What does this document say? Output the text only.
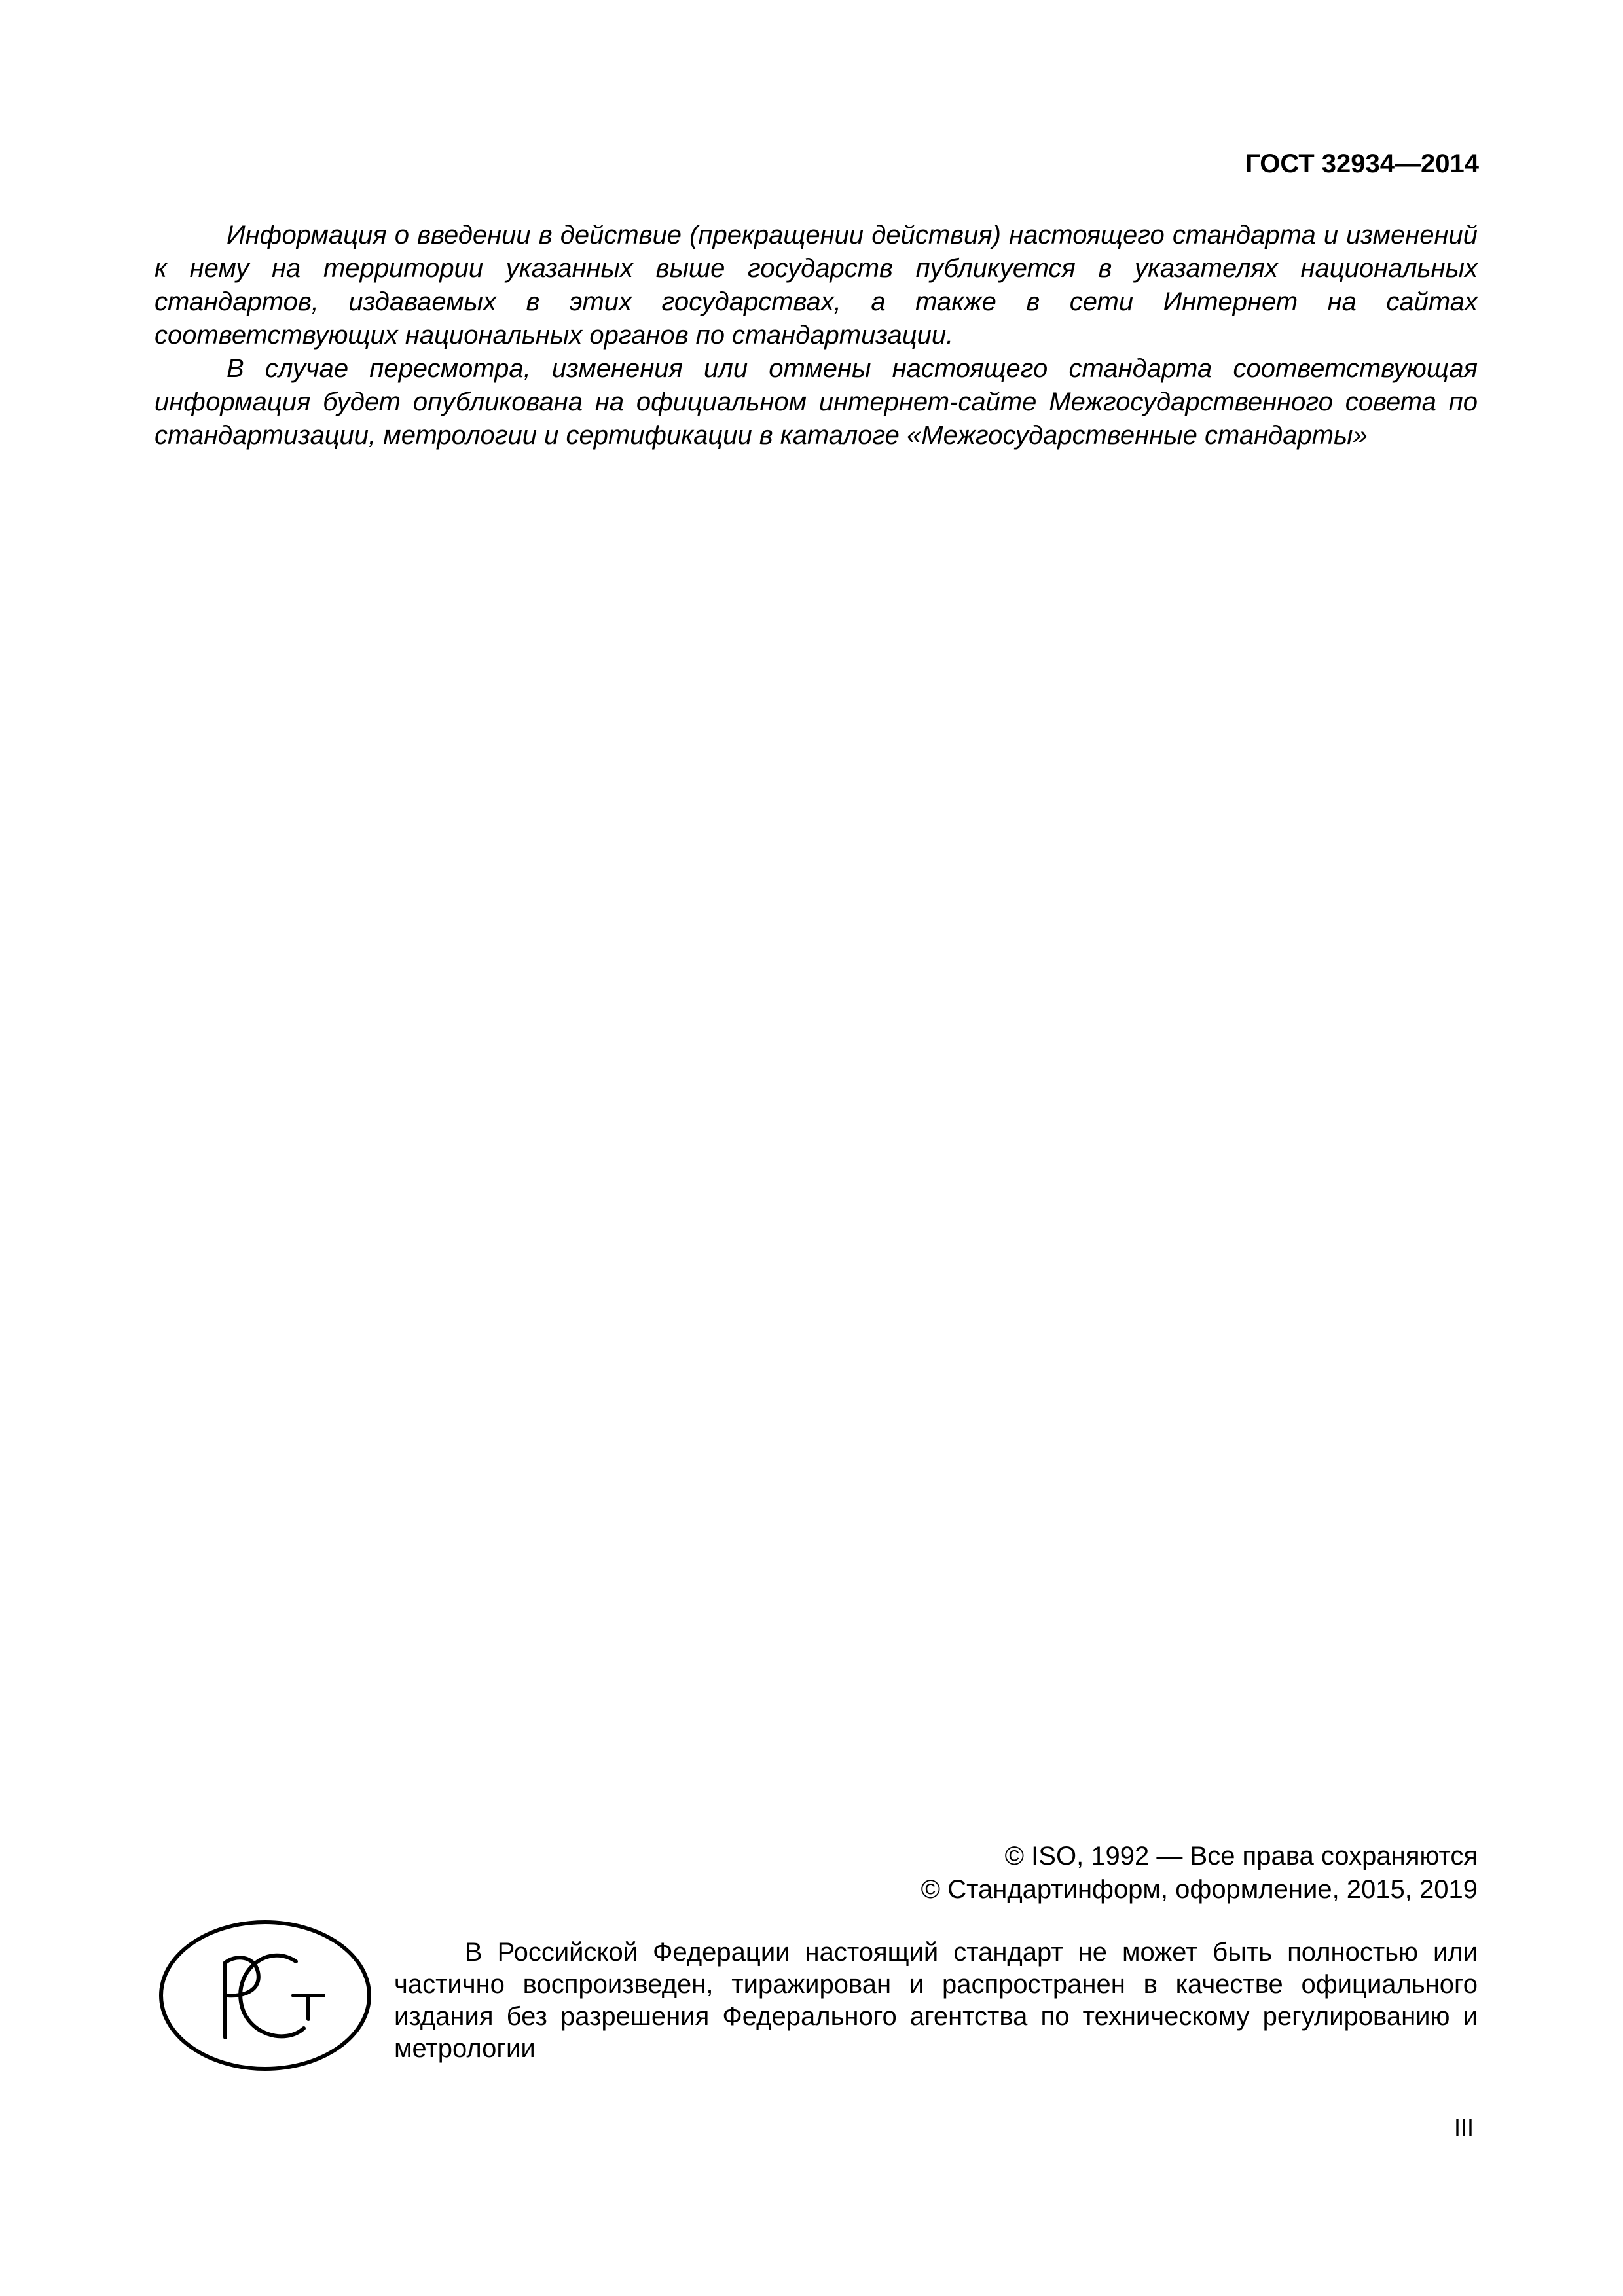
ГОСТ 32934—2014

Информация о введении в действие (прекращении действия) настоящего стандарта и изменений к нему на территории указанных выше государств публикуется в указателях национальных стандартов, издаваемых в этих государствах, а также в сети Интернет на сайтах соответствующих национальных органов по стандартизации.

В случае пересмотра, изменения или отмены настоящего стандарта соответствующая информация будет опубликована на официальном интернет-сайте Межгосударственного совета по стандартизации, метрологии и сертификации в каталоге «Межгосударственные стандарты»

© ISO, 1992 — Все права сохраняются
© Стандартинформ, оформление, 2015, 2019

В Российской Федерации настоящий стандарт не может быть полностью или частично воспроизведен, тиражирован и распространен в качестве официального издания без разрешения Федерального агентства по техническому регулированию и метрологии

III
